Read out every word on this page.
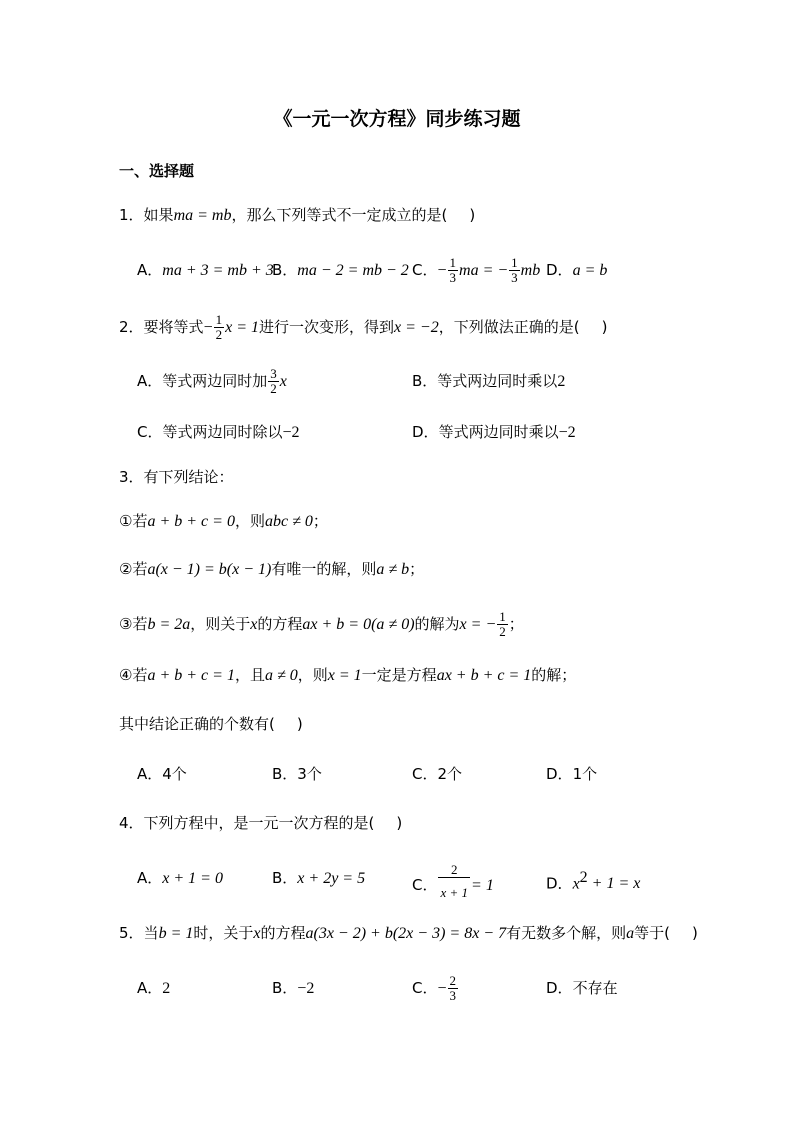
《一元一次方程》同步练习题
一、选择题
1．如果ma = mb，那么下列等式不一定成立的是( )
A．ma + 3 = mb + 3
B．ma − 2 = mb − 2 C．− $\frac{1}{3}$ ma = − $\frac{1}{3}$ mb D．a = b
2．要将等式− $\frac{1}{2}$ x = 1进行一次变形，得到x = −2，下列做法正确的是( )
A．等式两边同时加 $\frac{3}{2}$ x	B．等式两边同时乘以2
C．等式两边同时除以−2	D．等式两边同时乘以−2
3．有下列结论：
①若a + b + c = 0，则abc ≠ 0；
②若a(x − 1) = b(x − 1)有唯一的解，则a ≠ b；
③若b = 2a，则关于x的方程ax + b = 0(a ≠ 0)的解为x = − $\frac{1}{2}$ ；
④若a + b + c = 1，且a ≠ 0，则x = 1一定是方程ax + b + c = 1的解；
其中结论正确的个数有( )
A．4个	B．3个	C．2个	D．1个
4．下列方程中，是一元一次方程的是( )
A．x + 1 = 0	B．x + 2y = 5	C． $\frac{2}{x + 1} = 1$	D．$x^2 + 1 = x$
5．当b = 1时，关于x的方程a(3x − 2) + b(2x − 3) = 8x − 7有无数多个解，则a等于( )
A．2	B．−2	C．− $\frac{2}{3}$	D．不存在
